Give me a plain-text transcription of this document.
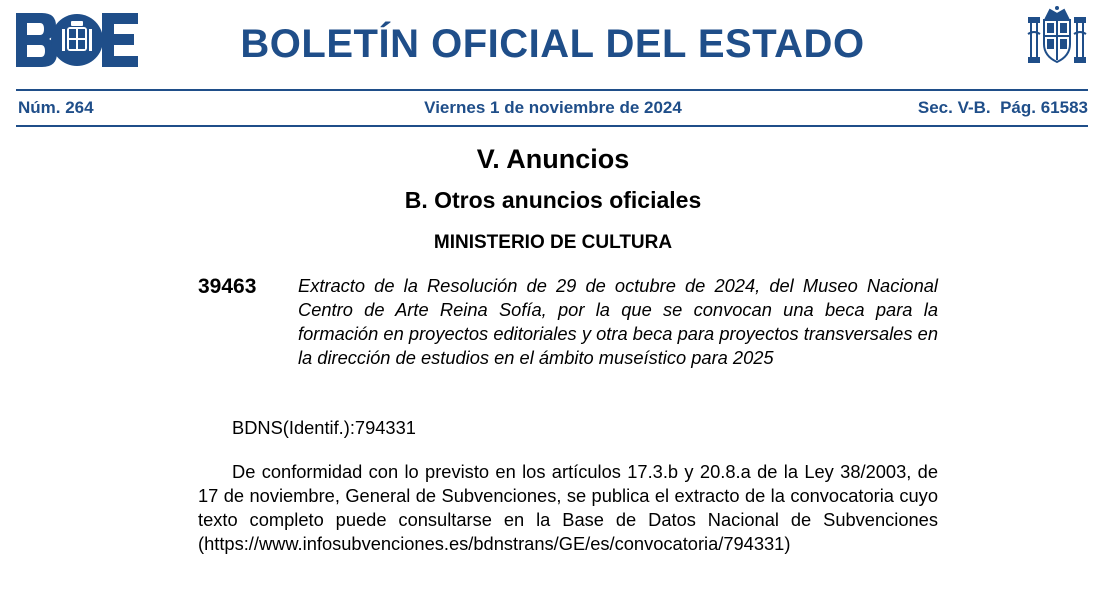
BOLETÍN OFICIAL DEL ESTADO
Núm. 264	Viernes 1 de noviembre de 2024	Sec. V-B.  Pág. 61583
V. Anuncios
B. Otros anuncios oficiales
MINISTERIO DE CULTURA
39463 Extracto de la Resolución de 29 de octubre de 2024, del Museo Nacional Centro de Arte Reina Sofía, por la que se convocan una beca para la formación en proyectos editoriales y otra beca para proyectos transversales en la dirección de estudios en el ámbito museístico para 2025
BDNS(Identif.):794331
De conformidad con lo previsto en los artículos 17.3.b y 20.8.a de la Ley 38/2003, de 17 de noviembre, General de Subvenciones, se publica el extracto de la convocatoria cuyo texto completo puede consultarse en la Base de Datos Nacional de Subvenciones (https://www.infosubvenciones.es/bdnstrans/GE/es/convocatoria/794331)
